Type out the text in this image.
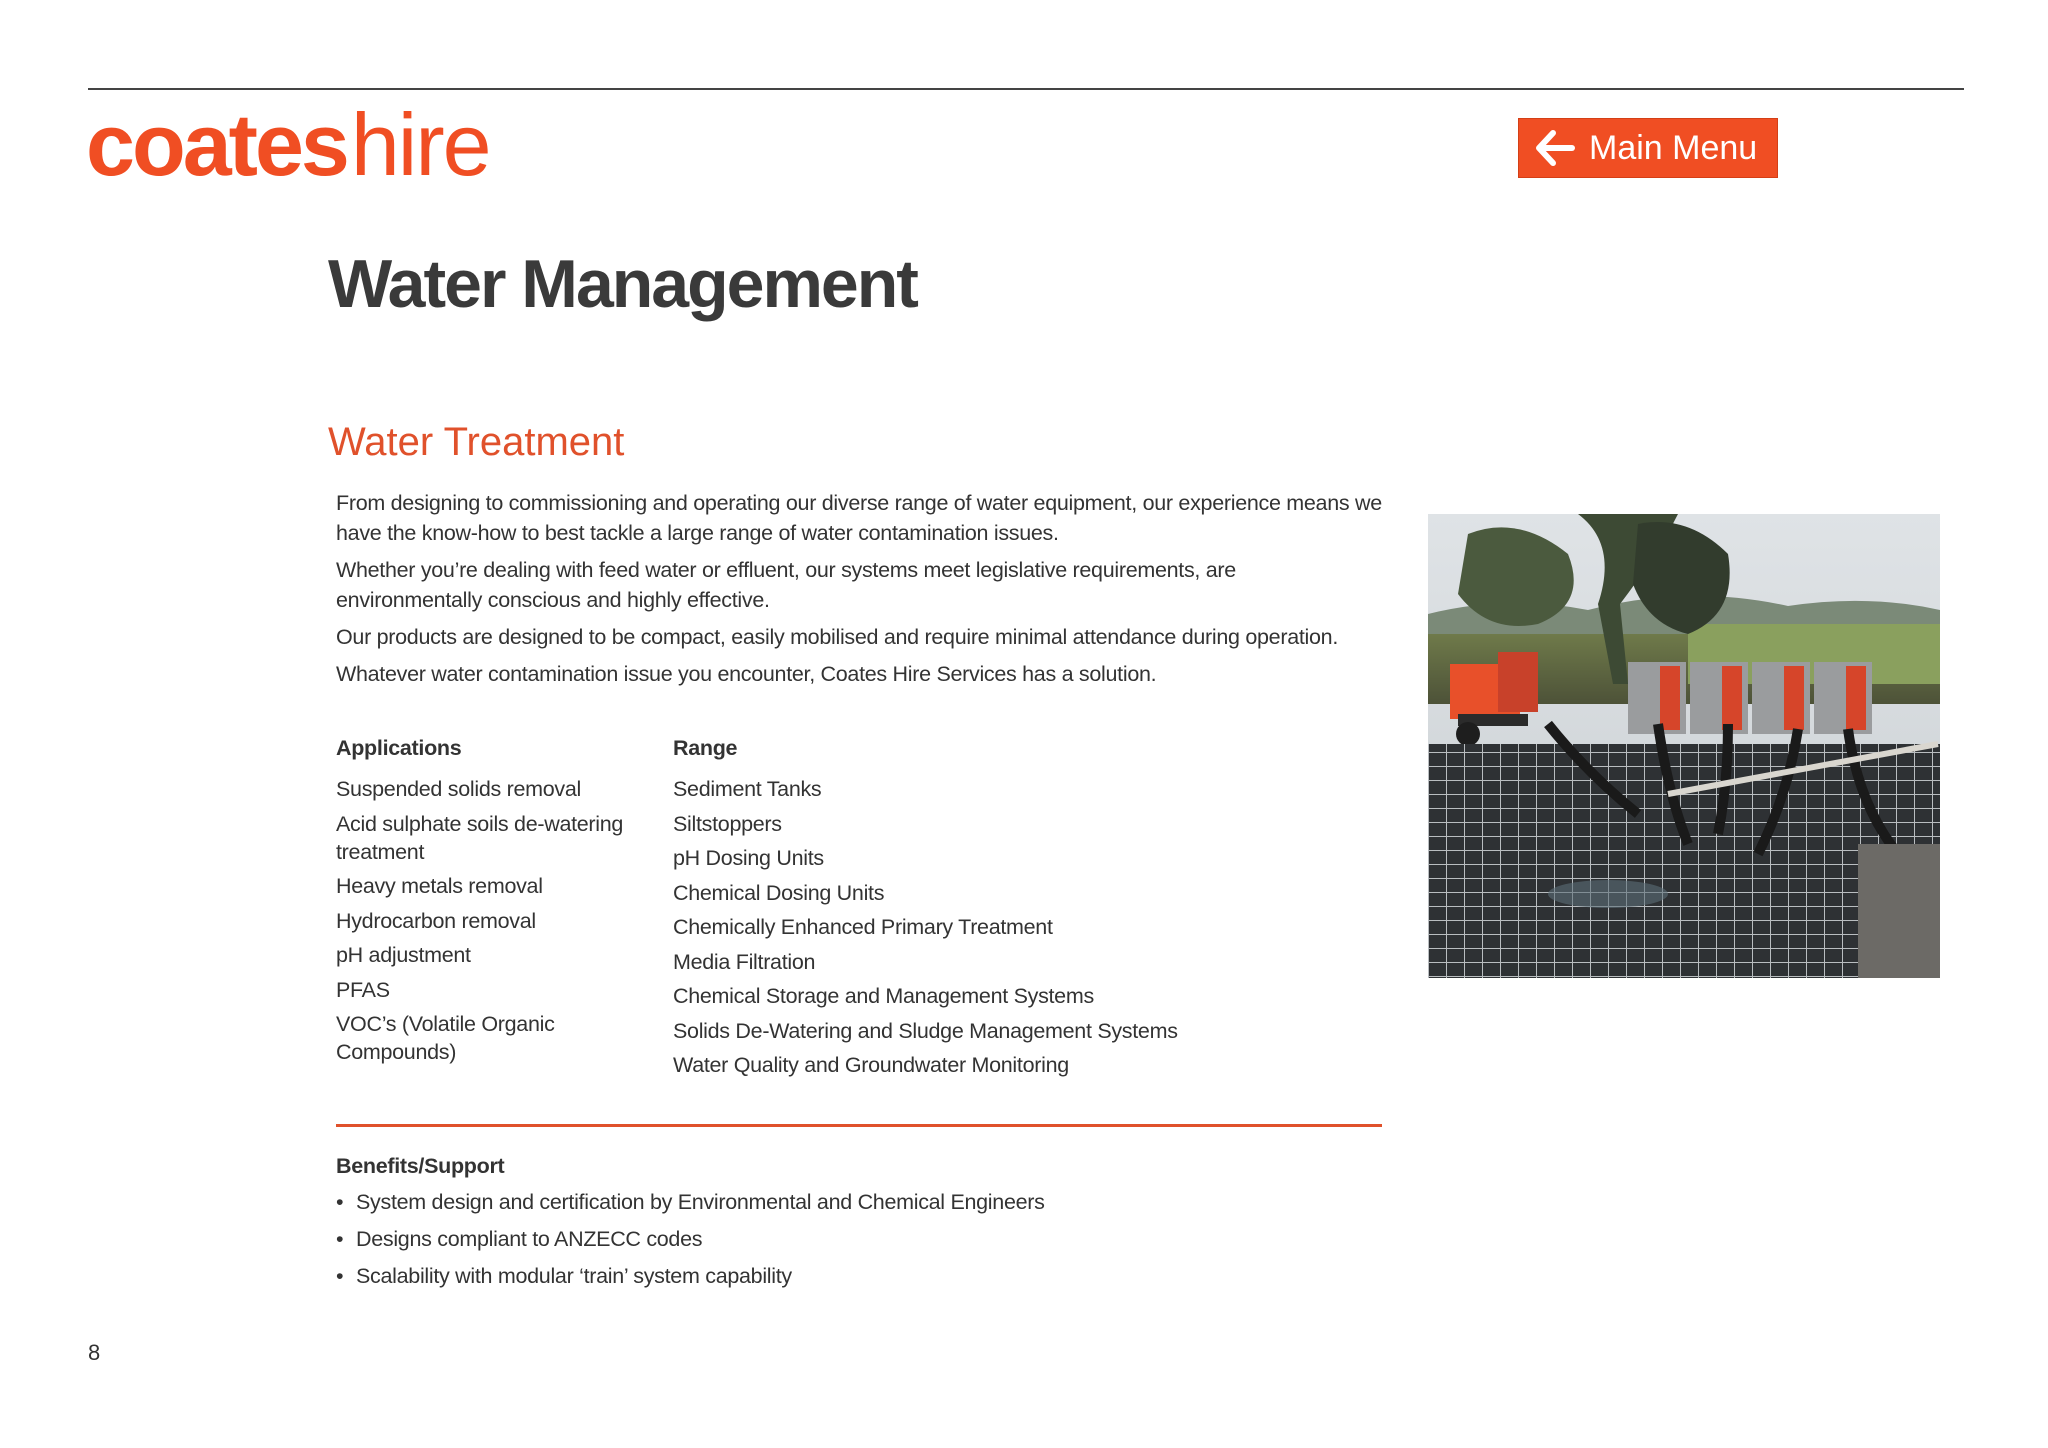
coates hire	Main Menu
Water Management
Water Treatment

From designing to commissioning and operating our diverse range of water equipment, our experience means we have the know-how to best tackle a large range of water contamination issues.

Whether you’re dealing with feed water or effluent, our systems meet legislative requirements, are environmentally conscious and highly effective.

Our products are designed to be compact, easily mobilised and require minimal attendance during operation.

Whatever water contamination issue you encounter, Coates Hire Services has a solution.

Applications
Suspended solids removal
Acid sulphate soils de-watering treatment
Heavy metals removal
Hydrocarbon removal
pH adjustment
PFAS
VOC’s (Volatile Organic Compounds)
Range
Sediment Tanks
Siltstoppers
pH Dosing Units
Chemical Dosing Units
Chemically Enhanced Primary Treatment
Media Filtration
Chemical Storage and Management Systems
Solids De-Watering and Sludge Management Systems
Water Quality and Groundwater Monitoring
Benefits/Support
• System design and certification by Environmental and Chemical Engineers
• Designs compliant to ANZECC codes
• Scalability with modular ‘train’ system capability
8
